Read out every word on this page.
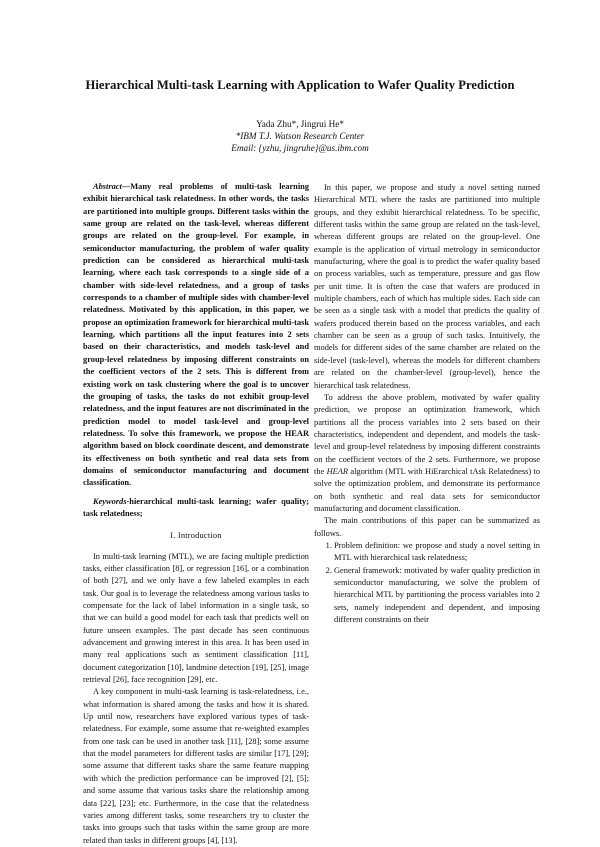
Hierarchical Multi-task Learning with Application to Wafer Quality Prediction
Yada Zhu*, Jingrui He*
*IBM T.J. Watson Research Center
Email: {yzhu, jingruhe}@us.ibm.com

Abstract—Many real problems of multi-task learning exhibit hierarchical task relatedness. In other words, the tasks are partitioned into multiple groups. Different tasks within the same group are related on the task-level, whereas different groups are related on the group-level. For example, in semiconductor manufacturing, the problem of wafer quality prediction can be considered as hierarchical multi-task learning, where each task corresponds to a single side of a chamber with side-level relatedness, and a group of tasks corresponds to a chamber of multiple sides with chamber-level relatedness. Motivated by this application, in this paper, we propose an optimization framework for hierarchical multi-task learning, which partitions all the input features into 2 sets based on their characteristics, and models task-level and group-level relatedness by imposing different constraints on the coefficient vectors of the 2 sets. This is different from existing work on task clustering where the goal is to uncover the grouping of tasks, the tasks do not exhibit group-level relatedness, and the input features are not discriminated in the prediction model to model task-level and group-level relatedness. To solve this framework, we propose the HEAR algorithm based on block coordinate descent, and demonstrate its effectiveness on both synthetic and real data sets from domains of semiconductor manufacturing and document classification.

Keywords-hierarchical multi-task learning; wafer quality; task relatedness;

I. Introduction

In multi-task learning (MTL), we are facing multiple prediction tasks, either classification [8], or regression [16], or a combination of both [27], and we only have a few labeled examples in each task. Our goal is to leverage the relatedness among various tasks to compensate for the lack of label information in a single task, so that we can build a good model for each task that predicts well on future unseen examples. The past decade has seen continuous advancement and growing interest in this area. It has been used in many real applications such as sentiment classification [11], document categorization [10], landmine detection [19], [25], image retrieval [26], face recognition [29], etc.

A key component in multi-task learning is task-relatedness, i.e., what information is shared among the tasks and how it is shared. Up until now, researchers have explored various types of task-relatedness. For example, some assume that re-weighted examples from one task can be used in another task [11], [28]; some assume that the model parameters for different tasks are similar [17], [29]; some assume that different tasks share the same feature mapping with which the prediction performance can be improved [2], [5]; and some assume that various tasks share the relationship among data [22], [23]; etc. Furthermore, in the case that the relatedness varies among different tasks, some researchers try to cluster the tasks into groups such that tasks within the same group are more related than tasks in different groups [4], [13].

In this paper, we propose and study a novel setting named Hierarchical MTL where the tasks are partitioned into multiple groups, and they exhibit hierarchical relatedness. To be specific, different tasks within the same group are related on the task-level, whereas different groups are related on the group-level. One example is the application of virtual metrology in semiconductor manufacturing, where the goal is to predict the wafer quality based on process variables, such as temperature, pressure and gas flow per unit time. It is often the case that wafers are produced in multiple chambers, each of which has multiple sides. Each side can be seen as a single task with a model that predicts the quality of wafers produced therein based on the process variables, and each chamber can be seen as a group of such tasks. Intuitively, the models for different sides of the same chamber are related on the side-level (task-level), whereas the models for different chambers are related on the chamber-level (group-level), hence the hierarchical task relatedness.

To address the above problem, motivated by wafer quality prediction, we propose an optimization framework, which partitions all the process variables into 2 sets based on their characteristics, independent and dependent, and models the task-level and group-level relatedness by imposing different constraints on the coefficient vectors of the 2 sets. Furthermore, we propose the HEAR algorithm (MTL with HiErarchical tAsk Relatedness) to solve the optimization problem, and demonstrate its performance on both synthetic and real data sets for semiconductor manufacturing and document classification.

The main contributions of this paper can be summarized as follows.

1. Problem definition: we propose and study a novel setting in MTL with hierarchical task relatedness;
2. General framework: motivated by wafer quality prediction in semiconductor manufacturing, we solve the problem of hierarchical MTL by partitioning the process variables into 2 sets, namely independent and dependent, and imposing different constraints on their
